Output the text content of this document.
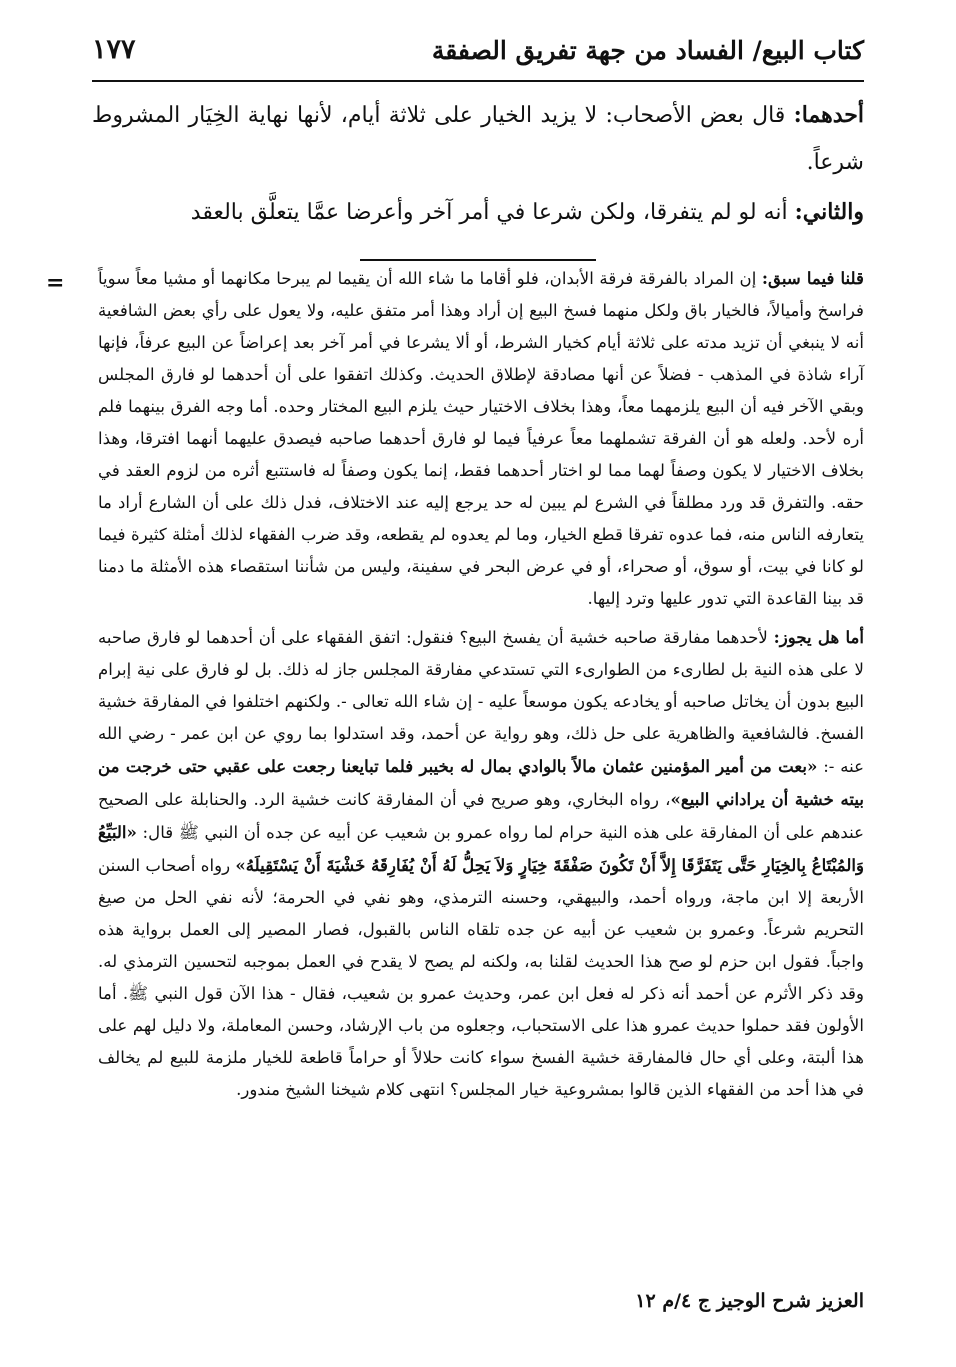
كتاب البيع/ الفساد من جهة تفريق الصفقة
١٧٧

أحدهما: قال بعض الأصحاب: لا يزيد الخيار على ثلاثة أيام، لأنها نهاية الخِيَار المشروط شرعاً.

والثاني: أنه لو لم يتفرقا، ولكن شرعا في أمر آخر وأعرضا عمَّا يتعلَّق بالعقد

=	قلنا فيما سبق: إن المراد بالفرقة فرقة الأبدان، فلو أقاما ما شاء الله أن يقيما لم يبرحا مكانهما أو مشيا معاً سوياً فراسخ وأميالاً، فالخيار باق ولكل منهما فسخ البيع إن أراد وهذا أمر متفق عليه، ولا يعول على رأي بعض الشافعية أنه لا ينبغي أن تزيد مدته على ثلاثة أيام كخيار الشرط، أو ألا يشرعا في أمر آخر بعد إعراضاً عن البيع عرفاً، فإنها آراء شاذة في المذهب - فضلاً عن أنها مصادقة لإطلاق الحديث. وكذلك اتفقوا على أن أحدهما لو فارق المجلس وبقي الآخر فيه أن البيع يلزمهما معاً، وهذا بخلاف الاختيار حيث يلزم البيع المختار وحده. أما وجه الفرق بينهما فلم أره لأحد. ولعله هو أن الفرقة تشملهما معاً عرفياً فيما لو فارق أحدهما صاحبه فيصدق عليهما أنهما افترقا، وهذا بخلاف الاختيار لا يكون وصفاً لهما مما لو اختار أحدهما فقط، إنما يكون وصفاً له فاستتبع أثره من لزوم العقد في حقه. والتفرق قد ورد مطلقاً في الشرع لم يبين له حد يرجع إليه عند الاختلاف، فدل ذلك على أن الشارع أراد ما يتعارفه الناس منه، فما عدوه تفرقا قطع الخيار، وما لم يعدوه لم يقطعه، وقد ضرب الفقهاء لذلك أمثلة كثيرة فيما لو كانا في بيت، أو سوق، أو صحراء، أو في عرض البحر في سفينة، وليس من شأننا استقصاء هذه الأمثلة ما دمنا قد بينا القاعدة التي تدور عليها وترد إليها.

أما هل يجوز: لأحدهما مفارقة صاحبه خشية أن يفسخ البيع؟ فنقول: اتفق الفقهاء على أن أحدهما لو فارق صاحبه لا على هذه النية بل لطارىء من الطوارىء التي تستدعي مفارقة المجلس جاز له ذلك. بل لو فارق على نية إبرام البيع بدون أن يخاتل صاحبه أو يخادعه يكون موسعاً عليه - إن شاء الله تعالى -. ولكنهم اختلفوا في المفارقة خشية الفسخ. فالشافعية والظاهرية على حل ذلك، وهو رواية عن أحمد، وقد استدلوا بما روي عن ابن عمر - رضي الله عنه -: «بعت من أمير المؤمنين عثمان مالاً بالوادي بمال له بخيبر فلما تبايعنا رجعت على عقبي حتى خرجت من بيته خشية أن يراداني البيع»، رواه البخاري، وهو صريح في أن المفارقة كانت خشية الرد. والحنابلة على الصحيح عندهم على أن المفارقة على هذه النية حرام لما رواه عمرو بن شعيب عن أبيه عن جده أن النبي ﷺ قال: «البَيِّعُ وَالمُبْتَاعُ بِالخِيَارِ حَتَّى يَتَفَرَّقَا إِلاَّ أَنْ تَكُونَ صَفْقَةَ خِيَارٍ وَلاَ يَحِلُّ لَهُ أَنْ يُفَارِقَهُ خَشْيَةَ أَنْ يَسْتَقِيلَهُ» رواه أصحاب السنن الأربعة إلا ابن ماجة، ورواه أحمد، والبيهقي، وحسنه الترمذي، وهو نفي في الحرمة؛ لأنه نفي الحل من صيغ التحريم شرعاً. وعمرو بن شعيب عن أبيه عن جده تلقاه الناس بالقبول، فصار المصير إلى العمل برواية هذه واجباً. فقول ابن حزم لو صح هذا الحديث لقلنا به، ولكنه لم يصح لا يقدح في العمل بموجبه لتحسين الترمذي له. وقد ذكر الأثرم عن أحمد أنه ذكر له فعل ابن عمر، وحديث عمرو بن شعيب، فقال - هذا الآن قول النبي ﷺ. أما الأولون فقد حملوا حديث عمرو هذا على الاستحباب، وجعلوه من باب الإرشاد، وحسن المعاملة، ولا دليل لهم على هذا ألبتة، وعلى أي حال فالمفارقة خشية الفسخ سواء كانت حلالاً أو حراماً قاطعة للخيار ملزمة للبيع لم يخالف في هذا أحد من الفقهاء الذين قالوا بمشروعية خيار المجلس؟ انتهى كلام شيخنا الشيخ مندور.

العزيز شرح الوجيز ج ٤/م ١٢
